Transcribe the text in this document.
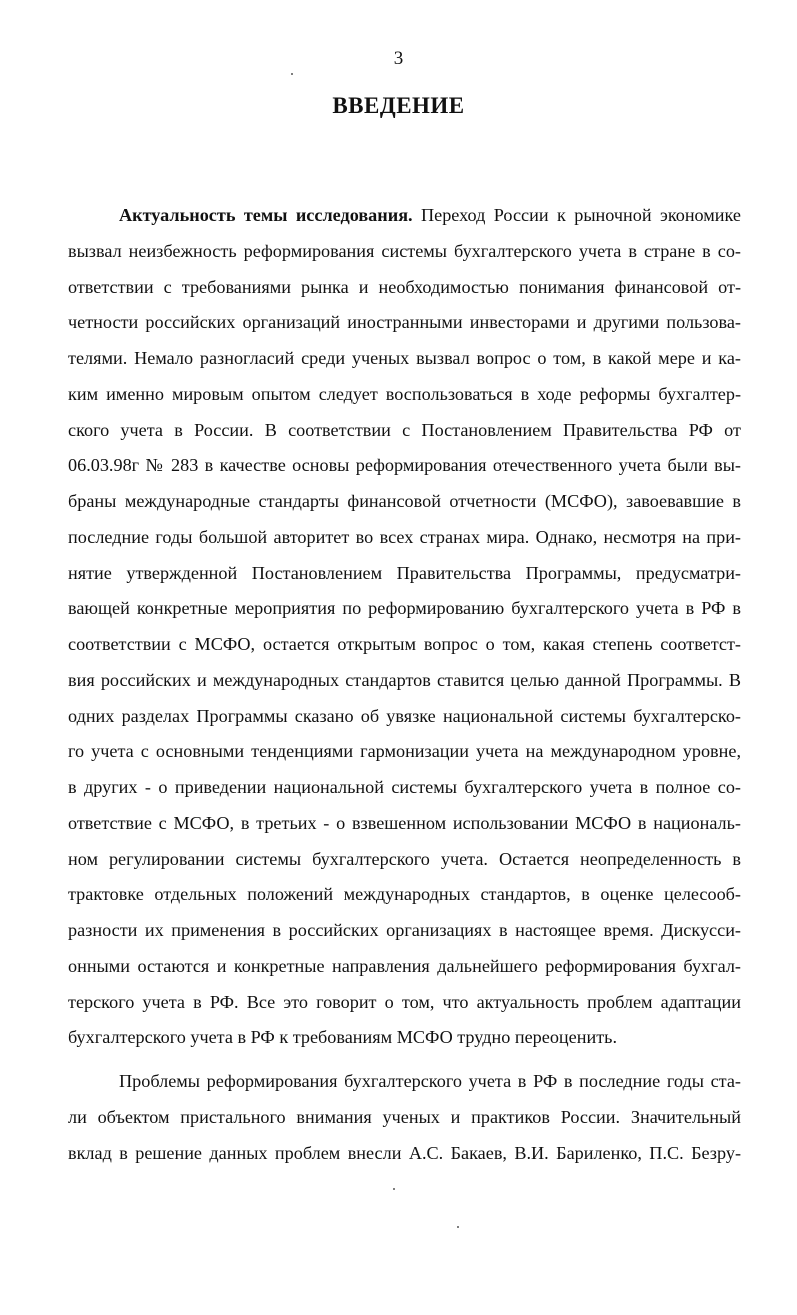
3
ВВЕДЕНИЕ
Актуальность темы исследования. Переход России к рыночной экономике
вызвал неизбежность реформирования системы бухгалтерского учета в стране в со-
ответствии с требованиями рынка и необходимостью понимания финансовой от-
четности российских организаций иностранными инвесторами и другими пользова-
телями. Немало разногласий среди ученых вызвал вопрос о том, в какой мере и ка-
ким именно мировым опытом следует воспользоваться в ходе реформы бухгалтер-
ского учета в России. В соответствии с Постановлением Правительства РФ от
06.03.98г № 283 в качестве основы реформирования отечественного учета были вы-
браны международные стандарты финансовой отчетности (МСФО), завоевавшие в
последние годы большой авторитет во всех странах мира. Однако, несмотря на при-
нятие утвержденной Постановлением Правительства Программы, предусматри-
вающей конкретные мероприятия по реформированию бухгалтерского учета в РФ в
соответствии с МСФО, остается открытым вопрос о том, какая степень соответст-
вия российских и международных стандартов ставится целью данной Программы. В
одних разделах Программы сказано об увязке национальной системы бухгалтерско-
го учета с основными тенденциями гармонизации учета на международном уровне,
в других - о приведении национальной системы бухгалтерского учета в полное со-
ответствие с МСФО, в третьих - о взвешенном использовании МСФО в националь-
ном регулировании системы бухгалтерского учета. Остается неопределенность в
трактовке отдельных положений международных стандартов, в оценке целесооб-
разности их применения в российских организациях в настоящее время. Дискусси-
онными остаются и конкретные направления дальнейшего реформирования бухгал-
терского учета в РФ. Все это говорит о том, что актуальность проблем адаптации
бухгалтерского учета в РФ к требованиям МСФО трудно переоценить.
Проблемы реформирования бухгалтерского учета в РФ в последние годы ста-
ли объектом пристального внимания ученых и практиков России. Значительный
вклад в решение данных проблем внесли А.С. Бакаев, В.И. Бариленко, П.С. Безру-
